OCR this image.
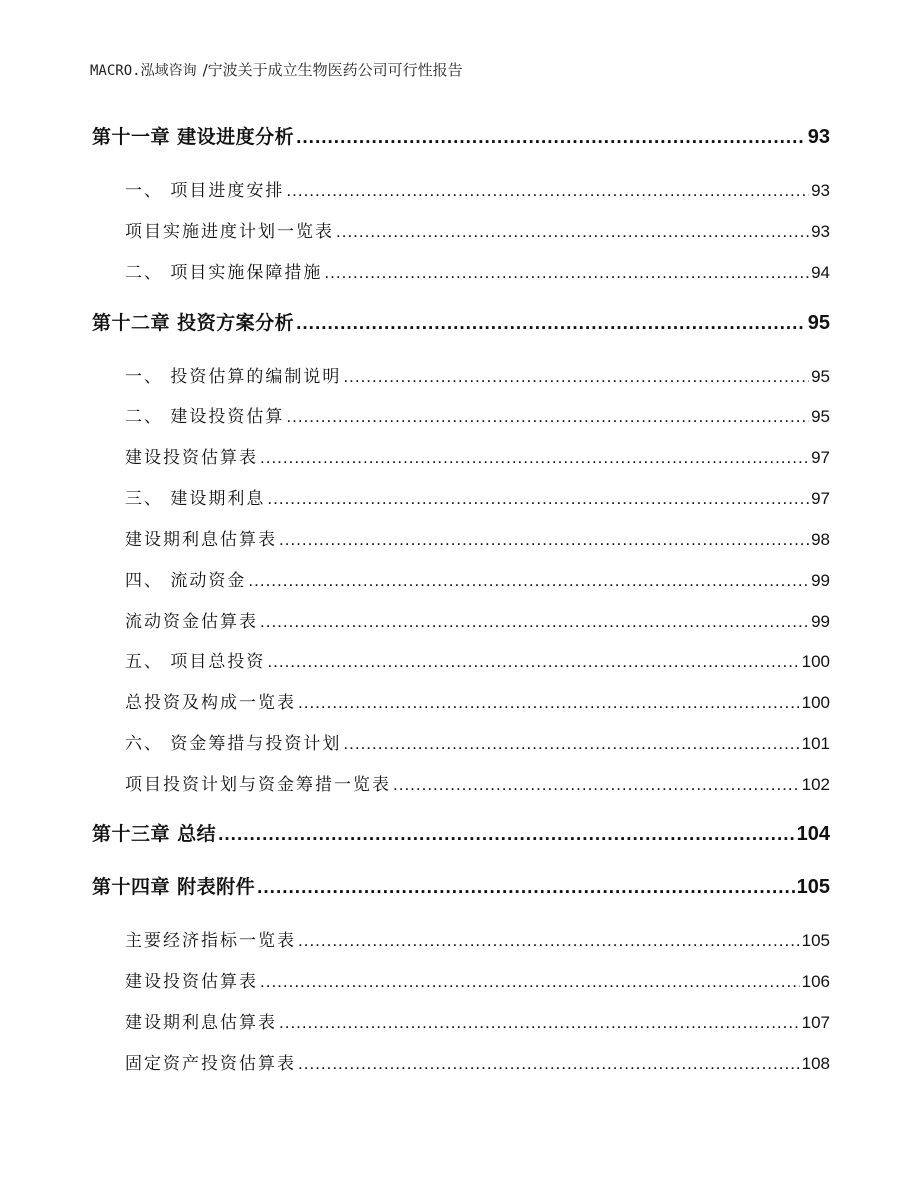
MACRO.泓域咨询 /宁波关于成立生物医药公司可行性报告
第十一章 建设进度分析 .....	93
一、 项目进度安排 .....	93
项目实施进度计划一览表 .....	93
二、 项目实施保障措施 .....	94
第十二章 投资方案分析 .....	95
一、 投资估算的编制说明 .....	95
二、 建设投资估算 .....	95
建设投资估算表 .....	97
三、 建设期利息 .....	97
建设期利息估算表 .....	98
四、 流动资金 .....	99
流动资金估算表 .....	99
五、 项目总投资 .....	100
总投资及构成一览表 .....	100
六、 资金筹措与投资计划 .....	101
项目投资计划与资金筹措一览表 .....	102
第十三章 总结 .....	104
第十四章 附表附件 .....	105
主要经济指标一览表 .....	105
建设投资估算表 .....	106
建设期利息估算表 .....	107
固定资产投资估算表 .....	108
